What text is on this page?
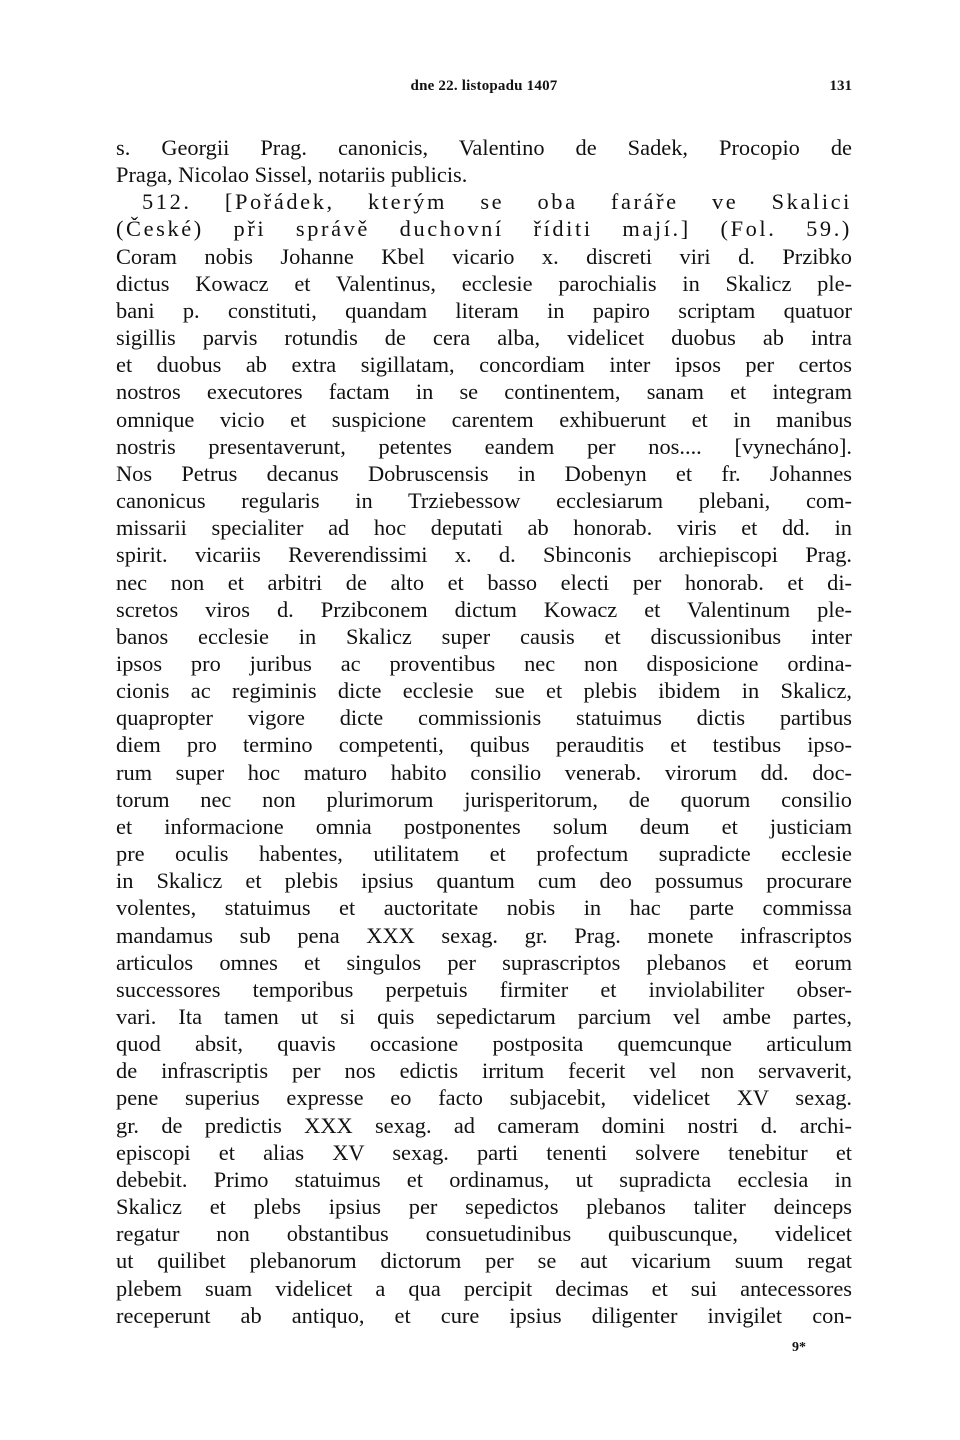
dne 22. listopadu 1407	131

s. Georgii Prag. canonicis, Valentino de Sadek, Procopio de

Praga, Nicolao Sissel, notariis publicis.

512. [Pořádek, kterým se oba faráře ve Skalici

(České) při správě duchovní říditi mají.] (Fol. 59.)

Coram nobis Johanne Kbel vicario x. discreti viri d. Przibko

dictus Kowacz et Valentinus, ecclesie parochialis in Skalicz ple-

bani p. constituti, quandam literam in papiro scriptam quatuor

sigillis parvis rotundis de cera alba, videlicet duobus ab intra

et duobus ab extra sigillatam, concordiam inter ipsos per certos

nostros executores factam in se continentem, sanam et integram

omnique vicio et suspicione carentem exhibuerunt et in manibus

nostris presentaverunt, petentes eandem per nos.... [vynecháno].

Nos Petrus decanus Dobruscensis in Dobenyn et fr. Johannes

canonicus regularis in Trziebessow ecclesiarum plebani, com-

missarii specialiter ad hoc deputati ab honorab. viris et dd. in

spirit. vicariis Reverendissimi x. d. Sbinconis archiepiscopi Prag.

nec non et arbitri de alto et basso electi per honorab. et di-

scretos viros d. Przibconem dictum Kowacz et Valentinum ple-

banos ecclesie in Skalicz super causis et discussionibus inter

ipsos pro juribus ac proventibus nec non disposicione ordina-

cionis ac regiminis dicte ecclesie sue et plebis ibidem in Skalicz,

quapropter vigore dicte commissionis statuimus dictis partibus

diem pro termino competenti, quibus perauditis et testibus ipso-

rum super hoc maturo habito consilio venerab. virorum dd. doc-

torum nec non plurimorum jurisperitorum, de quorum consilio

et informacione omnia postponentes solum deum et justiciam

pre oculis habentes, utilitatem et profectum supradicte ecclesie

in Skalicz et plebis ipsius quantum cum deo possumus procurare

volentes, statuimus et auctoritate nobis in hac parte commissa

mandamus sub pena XXX sexag. gr. Prag. monete infrascriptos

articulos omnes et singulos per suprascriptos plebanos et eorum

successores temporibus perpetuis firmiter et inviolabiliter obser-

vari. Ita tamen ut si quis sepedictarum parcium vel ambe partes,

quod absit, quavis occasione postposita quemcunque articulum

de infrascriptis per nos edictis irritum fecerit vel non servaverit,

pene superius expresse eo facto subjacebit, videlicet XV sexag.

gr. de predictis XXX sexag. ad cameram domini nostri d. archi-

episcopi et alias XV sexag. parti tenenti solvere tenebitur et

debebit. Primo statuimus et ordinamus, ut supradicta ecclesia in

Skalicz et plebs ipsius per sepedictos plebanos taliter deinceps

regatur non obstantibus consuetudinibus quibuscunque, videlicet

ut quilibet plebanorum dictorum per se aut vicarium suum regat

plebem suam videlicet a qua percipit decimas et sui antecessores

receperunt ab antiquo, et cure ipsius diligenter invigilet con-

9*
